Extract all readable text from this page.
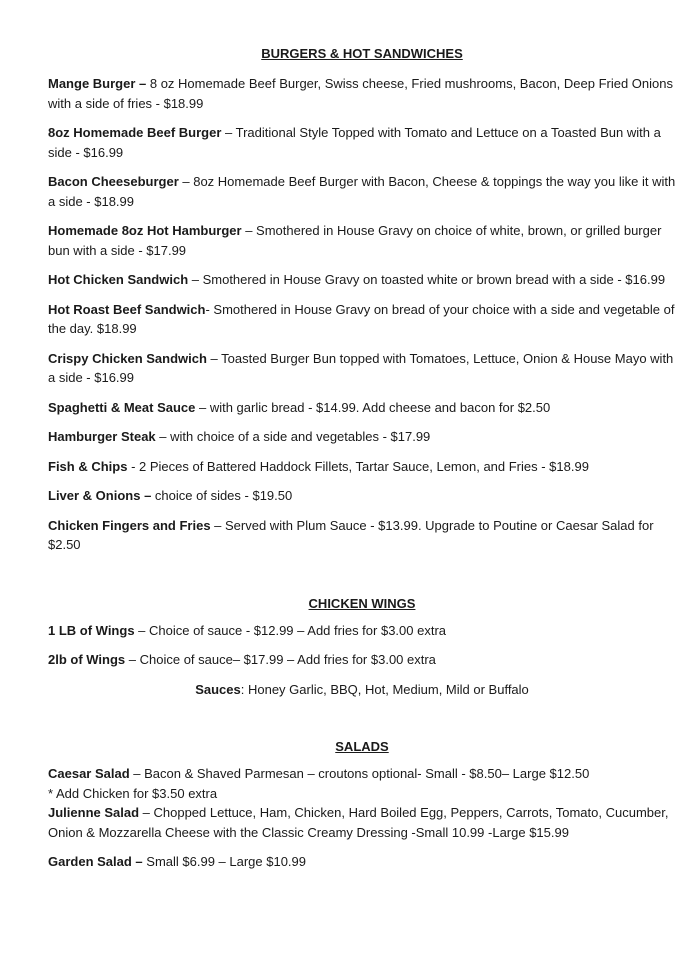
BURGERS & HOT SANDWICHES

Mange Burger – 8 oz Homemade Beef Burger, Swiss cheese, Fried mushrooms, Bacon, Deep Fried Onions with a side of fries - $18.99

8oz Homemade Beef Burger – Traditional Style Topped with Tomato and Lettuce on a Toasted Bun with a side - $16.99

Bacon Cheeseburger – 8oz Homemade Beef Burger with Bacon, Cheese & toppings the way you like it with a side - $18.99

Homemade 8oz Hot Hamburger – Smothered in House Gravy on choice of white, brown, or grilled burger bun with a side - $17.99

Hot Chicken Sandwich – Smothered in House Gravy on toasted white or brown bread with a side - $16.99

Hot Roast Beef Sandwich- Smothered in House Gravy on bread of your choice with a side and vegetable of the day. $18.99

Crispy Chicken Sandwich – Toasted Burger Bun topped with Tomatoes, Lettuce, Onion & House Mayo with a side - $16.99

Spaghetti & Meat Sauce – with garlic bread - $14.99. Add cheese and bacon for $2.50

Hamburger Steak – with choice of a side and vegetables - $17.99

Fish & Chips - 2 Pieces of Battered Haddock Fillets, Tartar Sauce, Lemon, and Fries - $18.99

Liver & Onions – choice of sides - $19.50

Chicken Fingers and Fries – Served with Plum Sauce - $13.99. Upgrade to Poutine or Caesar Salad for $2.50

CHICKEN WINGS

1 LB of Wings – Choice of sauce - $12.99 – Add fries for $3.00 extra

2lb of Wings – Choice of sauce– $17.99 – Add fries for $3.00 extra

Sauces: Honey Garlic, BBQ, Hot, Medium, Mild or Buffalo

SALADS

Caesar Salad – Bacon & Shaved Parmesan – croutons optional- Small - $8.50– Large $12.50

* Add Chicken for $3.50 extra

Julienne Salad – Chopped Lettuce, Ham, Chicken, Hard Boiled Egg, Peppers, Carrots, Tomato, Cucumber, Onion & Mozzarella Cheese with the Classic Creamy Dressing -Small 10.99 -Large $15.99

Garden Salad – Small $6.99 – Large $10.99
